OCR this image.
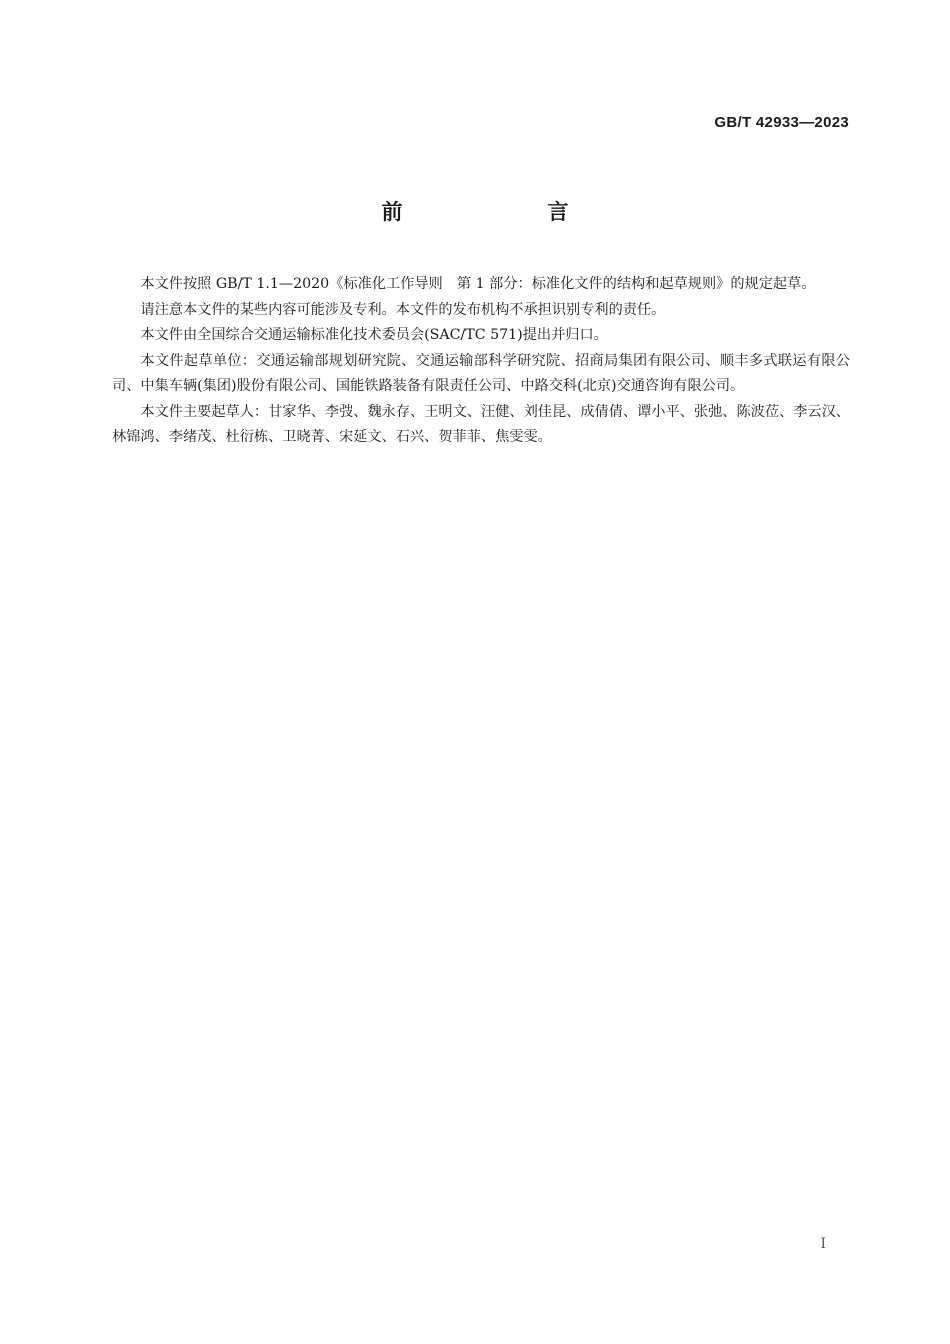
GB/T 42933—2023
前　言

本文件按照 GB/T 1.1—2020《标准化工作导则　第 1 部分：标准化文件的结构和起草规则》的规定起草。

请注意本文件的某些内容可能涉及专利。本文件的发布机构不承担识别专利的责任。

本文件由全国综合交通运输标准化技术委员会(SAC/TC 571)提出并归口。

本文件起草单位：交通运输部规划研究院、交通运输部科学研究院、招商局集团有限公司、顺丰多式联运有限公司、中集车辆(集团)股份有限公司、国能铁路装备有限责任公司、中路交科(北京)交通咨询有限公司。

本文件主要起草人：甘家华、李弢、魏永存、王明文、汪健、刘佳昆、成倩倩、谭小平、张弛、陈波莅、李云汉、林锦鸿、李绪茂、杜衍栋、卫晓菁、宋延文、石兴、贺菲菲、焦雯雯。

I
